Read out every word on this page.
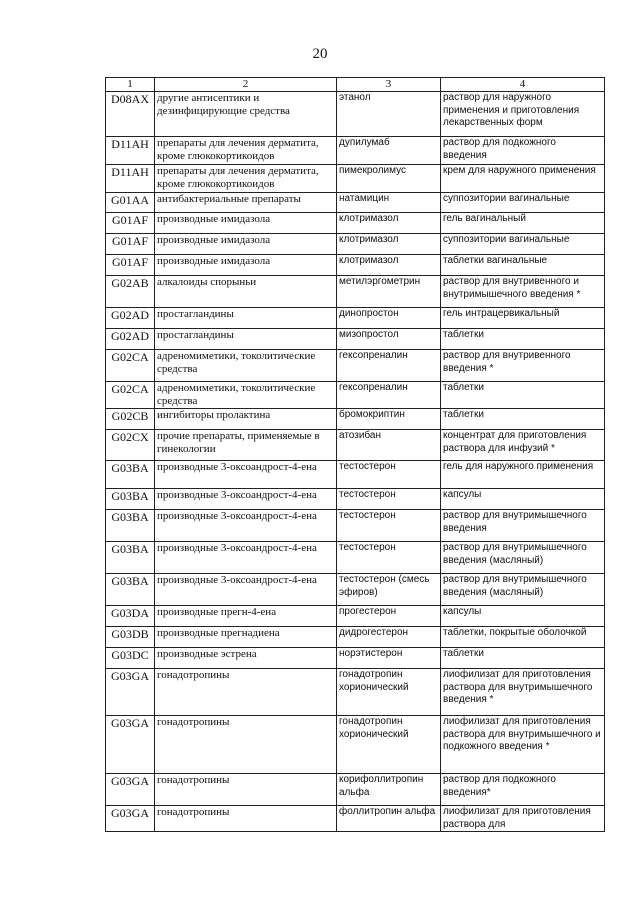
20
1	2	3	4
D08AX	другие антисептики и дезинфицирующие средства	этанол	раствор для наружного применения и приготовления лекарственных форм
D11AH	препараты для лечения дерматита, кроме глюкокортикоидов	дупилумаб	раствор для подкожного введения
D11AH	препараты для лечения дерматита, кроме глюкокортикоидов	пимекролимус	крем для наружного применения
G01AA	антибактериальные препараты	натамицин	суппозитории вагинальные
G01AF	производные имидазола	клотримазол	гель вагинальный
G01AF	производные имидазола	клотримазол	суппозитории вагинальные
G01AF	производные имидазола	клотримазол	таблетки вагинальные
G02AB	алкалоиды спорыньи	метилэргометрин	раствор для внутривенного и внутримышечного введения *
G02AD	простагландины	динопростон	гель интрацервикальный
G02AD	простагландины	мизопростол	таблетки
G02CA	адреномиметики, токолитические средства	гексопреналин	раствор для внутривенного введения *
G02CA	адреномиметики, токолитические средства	гексопреналин	таблетки
G02CB	ингибиторы пролактина	бромокриптин	таблетки
G02CX	прочие препараты, применяемые в гинекологии	атозибан	концентрат для приготовления раствора для инфузий *
G03BA	производные 3-оксоандрост-4-ена	тестостерон	гель для наружного применения
G03BA	производные 3-оксоандрост-4-ена	тестостерон	капсулы
G03BA	производные 3-оксоандрост-4-ена	тестостерон	раствор для внутримышечного введения
G03BA	производные 3-оксоандрост-4-ена	тестостерон	раствор для внутримышечного введения (масляный)
G03BA	производные 3-оксоандрост-4-ена	тестостерон (смесь эфиров)	раствор для внутримышечного введения (масляный)
G03DA	производные прегн-4-ена	прогестерон	капсулы
G03DB	производные прегнадиена	дидрогестерон	таблетки, покрытые оболочкой
G03DC	производные эстрена	норэтистерон	таблетки
G03GA	гонадотропины	гонадотропин хорионический	лиофилизат для приготовления раствора для внутримышечного введения *
G03GA	гонадотропины	гонадотропин хорионический	лиофилизат для приготовления раствора для внутримышечного и подкожного введения *
G03GA	гонадотропины	корифоллитропин альфа	раствор для подкожного введения*
G03GA	гонадотропины	фоллитропин альфа	лиофилизат для приготовления раствора для
